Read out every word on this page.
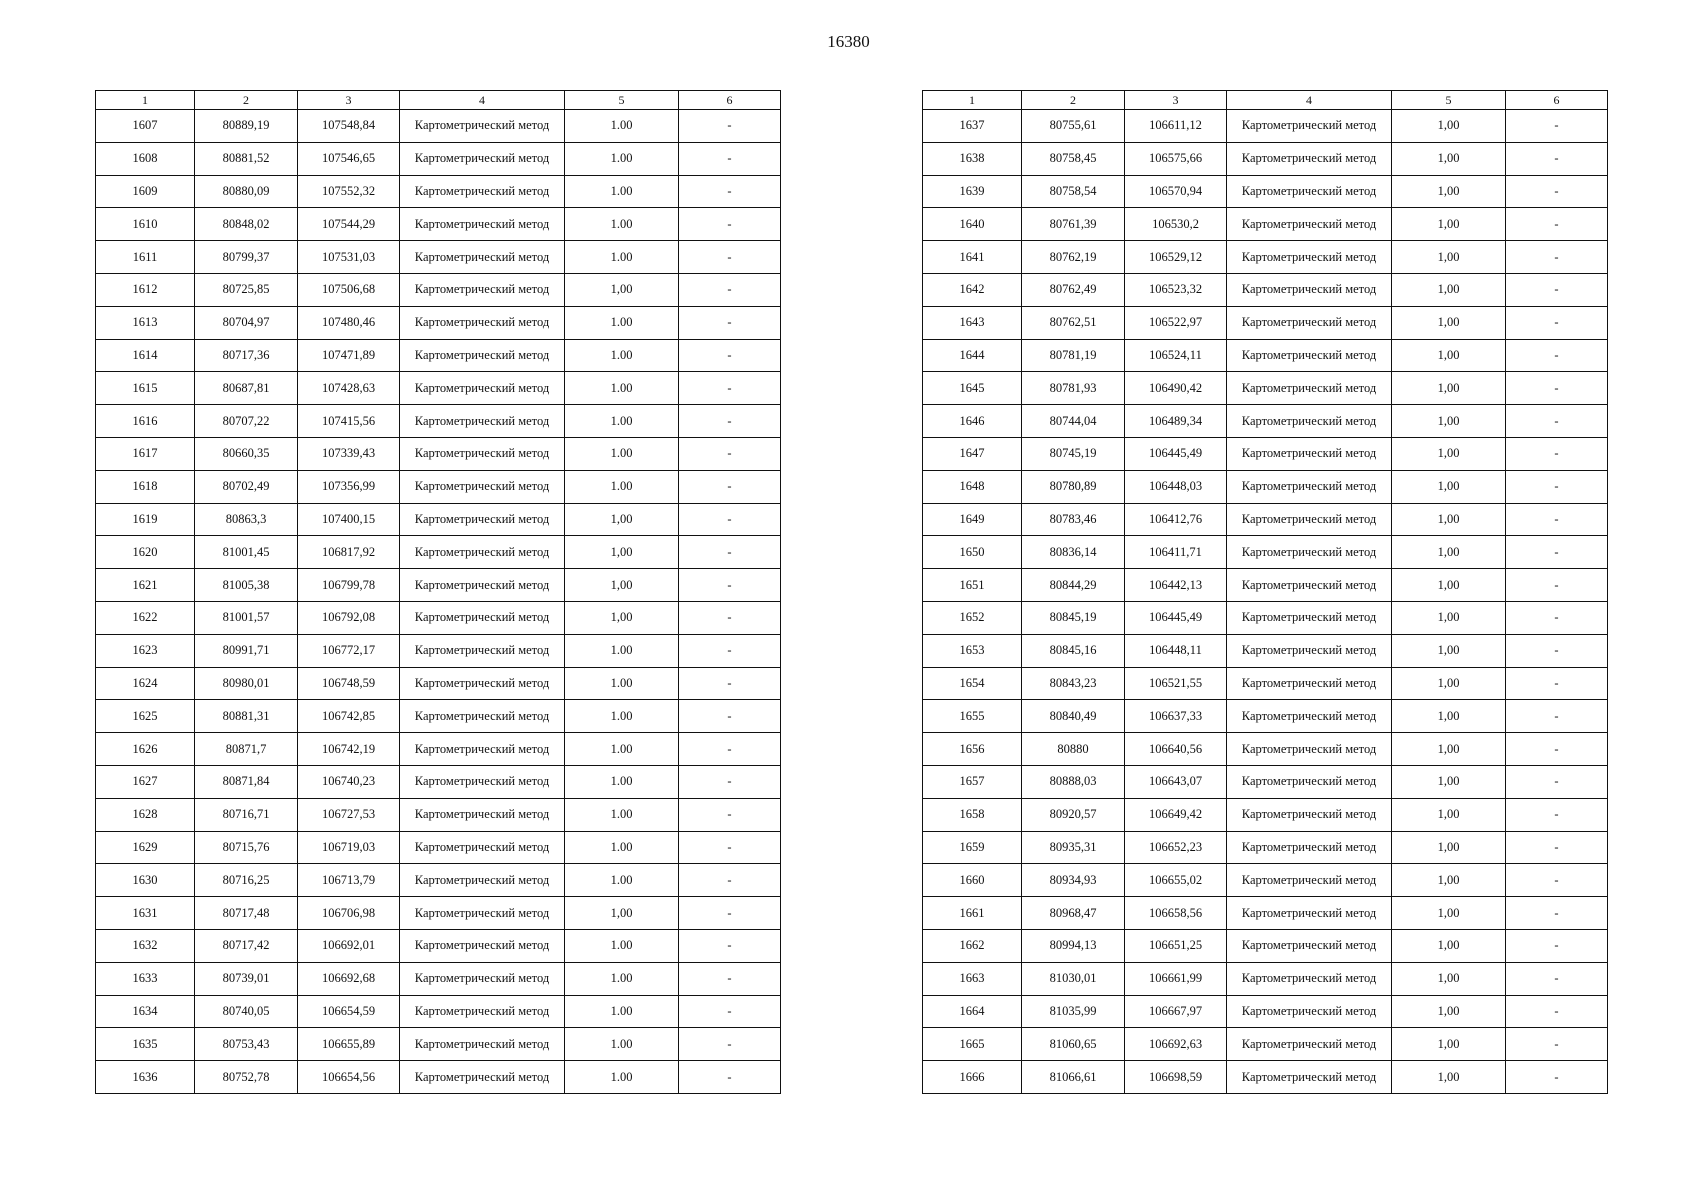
16380
1	2	3	4	5	6
1607	80889,19	107548,84	Картометрический метод	1.00	-
1608	80881,52	107546,65	Картометрический метод	1.00	-
1609	80880,09	107552,32	Картометрический метод	1.00	-
1610	80848,02	107544,29	Картометрический метод	1.00	-
1611	80799,37	107531,03	Картометрический метод	1.00	-
1612	80725,85	107506,68	Картометрический метод	1,00	-
1613	80704,97	107480,46	Картометрический метод	1.00	-
1614	80717,36	107471,89	Картометрический метод	1.00	-
1615	80687,81	107428,63	Картометрический метод	1.00	-
1616	80707,22	107415,56	Картометрический метод	1.00	-
1617	80660,35	107339,43	Картометрический метод	1.00	-
1618	80702,49	107356,99	Картометрический метод	1.00	-
1619	80863,3	107400,15	Картометрический метод	1,00	-
1620	81001,45	106817,92	Картометрический метод	1,00	-
1621	81005,38	106799,78	Картометрический метод	1,00	-
1622	81001,57	106792,08	Картометрический метод	1,00	-
1623	80991,71	106772,17	Картометрический метод	1.00	-
1624	80980,01	106748,59	Картометрический метод	1.00	-
1625	80881,31	106742,85	Картометрический метод	1.00	-
1626	80871,7	106742,19	Картометрический метод	1.00	-
1627	80871,84	106740,23	Картометрический метод	1.00	-
1628	80716,71	106727,53	Картометрический метод	1.00	-
1629	80715,76	106719,03	Картометрический метод	1.00	-
1630	80716,25	106713,79	Картометрический метод	1.00	-
1631	80717,48	106706,98	Картометрический метод	1,00	-
1632	80717,42	106692,01	Картометрический метод	1.00	-
1633	80739,01	106692,68	Картометрический метод	1.00	-
1634	80740,05	106654,59	Картометрический метод	1.00	-
1635	80753,43	106655,89	Картометрический метод	1.00	-
1636	80752,78	106654,56	Картометрический метод	1.00	-
1	2	3	4	5	6
1637	80755,61	106611,12	Картометрический метод	1,00	-
1638	80758,45	106575,66	Картометрический метод	1,00	-
1639	80758,54	106570,94	Картометрический метод	1,00	-
1640	80761,39	106530,2	Картометрический метод	1,00	-
1641	80762,19	106529,12	Картометрический метод	1,00	-
1642	80762,49	106523,32	Картометрический метод	1,00	-
1643	80762,51	106522,97	Картометрический метод	1,00	-
1644	80781,19	106524,11	Картометрический метод	1,00	-
1645	80781,93	106490,42	Картометрический метод	1,00	-
1646	80744,04	106489,34	Картометрический метод	1,00	-
1647	80745,19	106445,49	Картометрический метод	1,00	-
1648	80780,89	106448,03	Картометрический метод	1,00	-
1649	80783,46	106412,76	Картометрический метод	1,00	-
1650	80836,14	106411,71	Картометрический метод	1,00	-
1651	80844,29	106442,13	Картометрический метод	1,00	-
1652	80845,19	106445,49	Картометрический метод	1,00	-
1653	80845,16	106448,11	Картометрический метод	1,00	-
1654	80843,23	106521,55	Картометрический метод	1,00	-
1655	80840,49	106637,33	Картометрический метод	1,00	-
1656	80880	106640,56	Картометрический метод	1,00	-
1657	80888,03	106643,07	Картометрический метод	1,00	-
1658	80920,57	106649,42	Картометрический метод	1,00	-
1659	80935,31	106652,23	Картометрический метод	1,00	-
1660	80934,93	106655,02	Картометрический метод	1,00	-
1661	80968,47	106658,56	Картометрический метод	1,00	-
1662	80994,13	106651,25	Картометрический метод	1,00	-
1663	81030,01	106661,99	Картометрический метод	1,00	-
1664	81035,99	106667,97	Картометрический метод	1,00	-
1665	81060,65	106692,63	Картометрический метод	1,00	-
1666	81066,61	106698,59	Картометрический метод	1,00	-
